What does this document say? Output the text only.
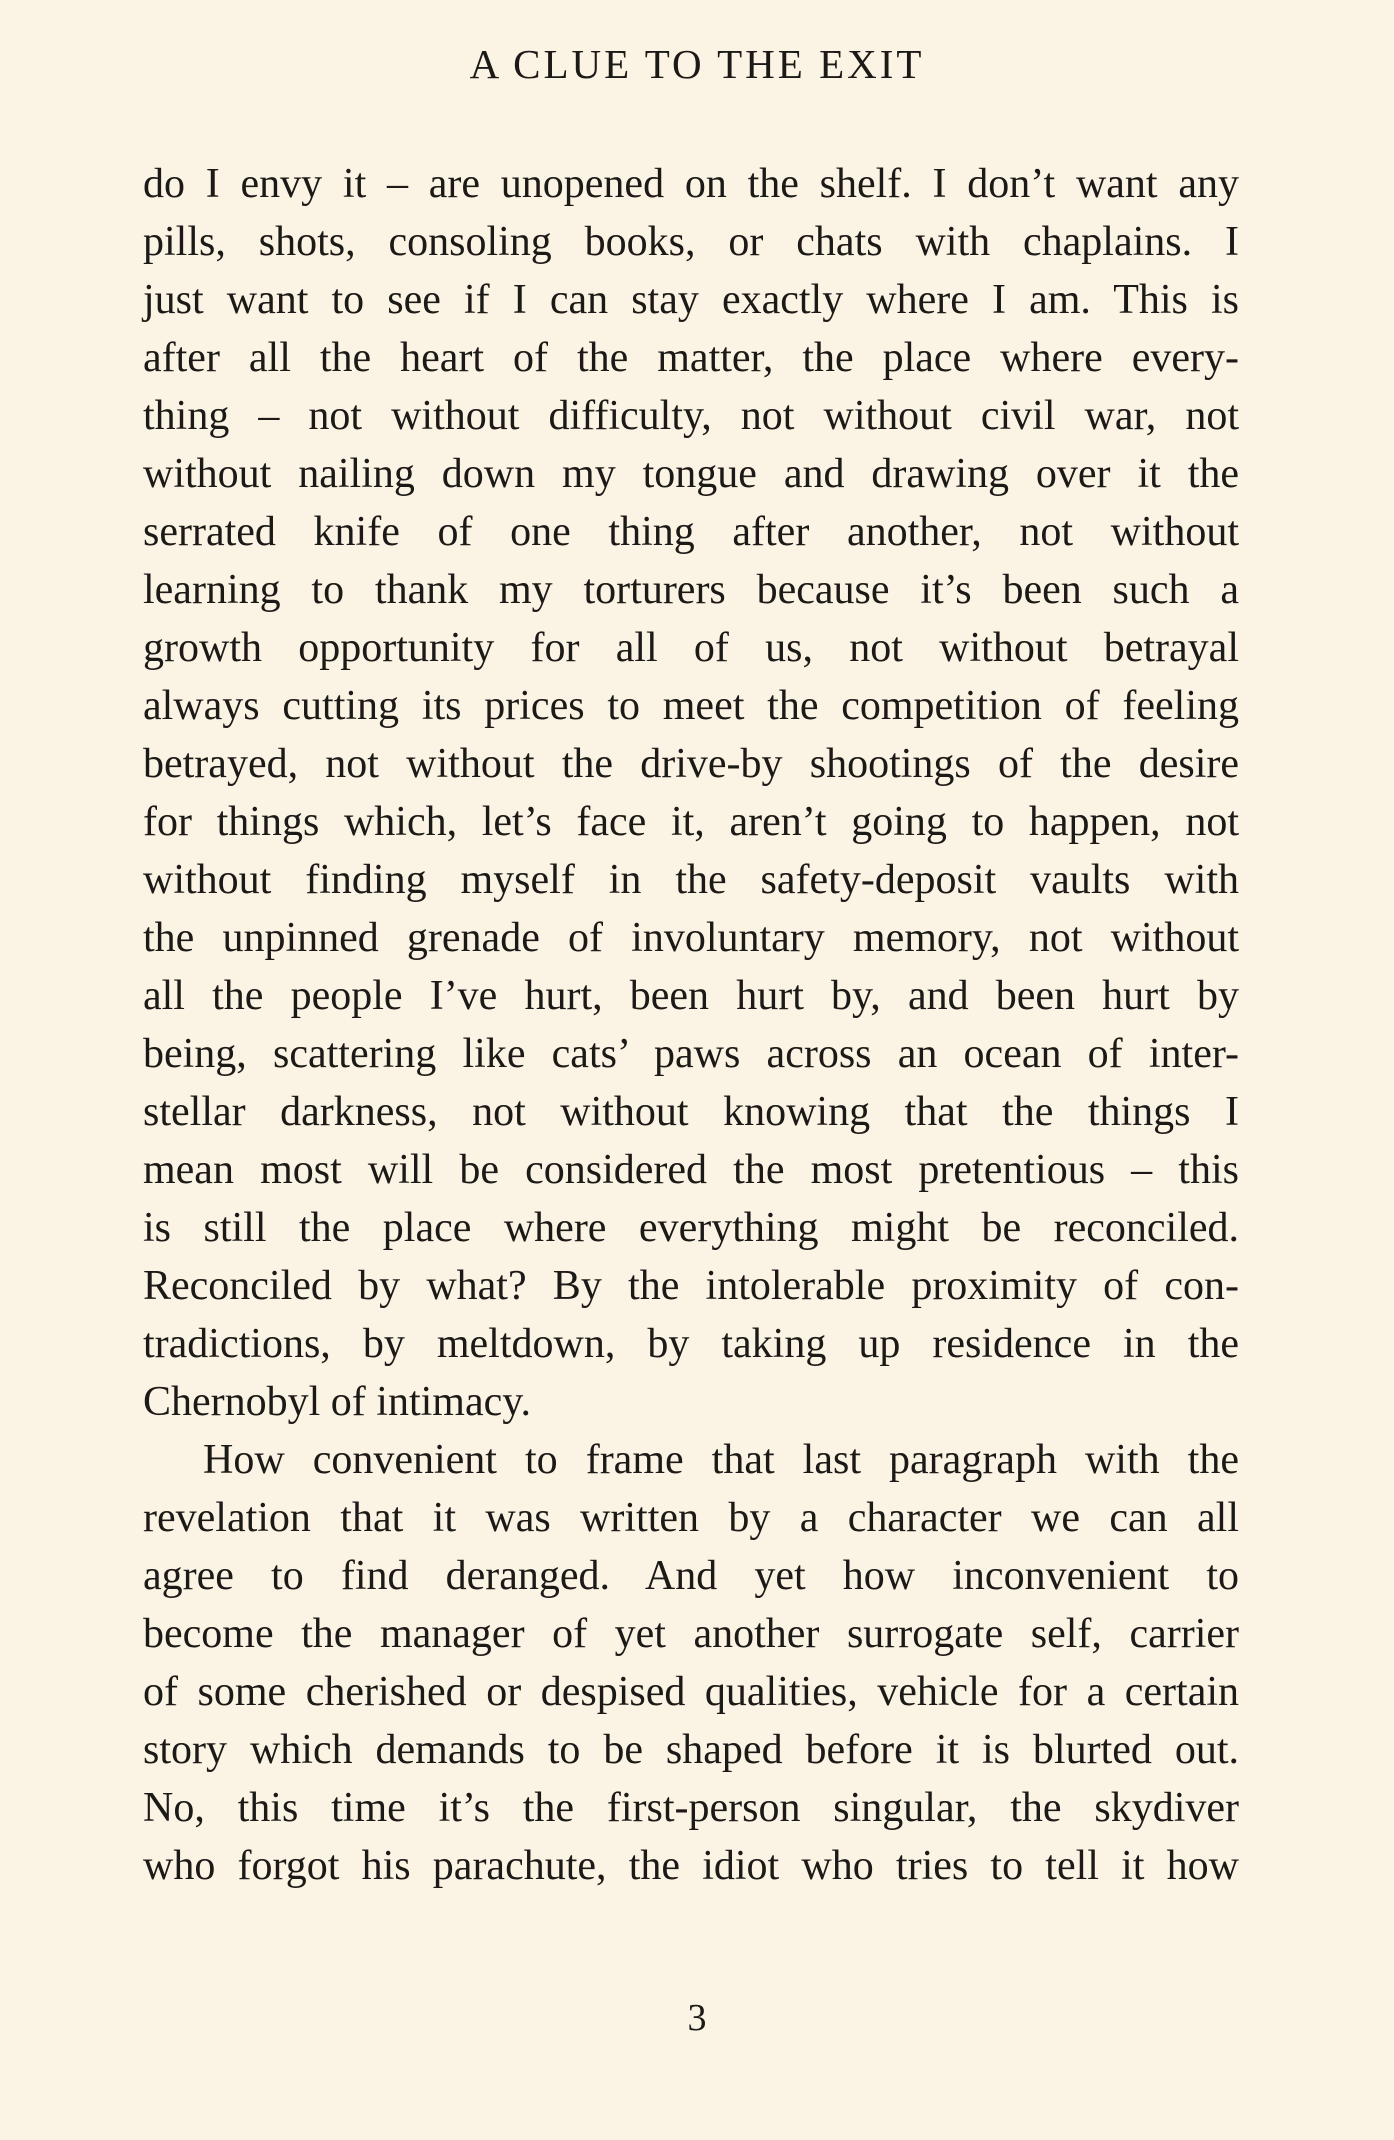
A CLUE TO THE EXIT
do I envy it – are unopened on the shelf. I don’t want any
pills, shots, consoling books, or chats with chaplains. I
just want to see if I can stay exactly where I am. This is
after all the heart of the matter, the place where every-
thing – not without difficulty, not without civil war, not
without nailing down my tongue and drawing over it the
serrated knife of one thing after another, not without
learning to thank my torturers because it’s been such a
growth opportunity for all of us, not without betrayal
always cutting its prices to meet the competition of feeling
betrayed, not without the drive-by shootings of the desire
for things which, let’s face it, aren’t going to happen, not
without finding myself in the safety-deposit vaults with
the unpinned grenade of involuntary memory, not without
all the people I’ve hurt, been hurt by, and been hurt by
being, scattering like cats’ paws across an ocean of inter-
stellar darkness, not without knowing that the things I
mean most will be considered the most pretentious – this
is still the place where everything might be reconciled.
Reconciled by what? By the intolerable proximity of con-
tradictions, by meltdown, by taking up residence in the
Chernobyl of intimacy.
How convenient to frame that last paragraph with the
revelation that it was written by a character we can all
agree to find deranged. And yet how inconvenient to
become the manager of yet another surrogate self, carrier
of some cherished or despised qualities, vehicle for a certain
story which demands to be shaped before it is blurted out.
No, this time it’s the first-person singular, the skydiver
who forgot his parachute, the idiot who tries to tell it how
3
